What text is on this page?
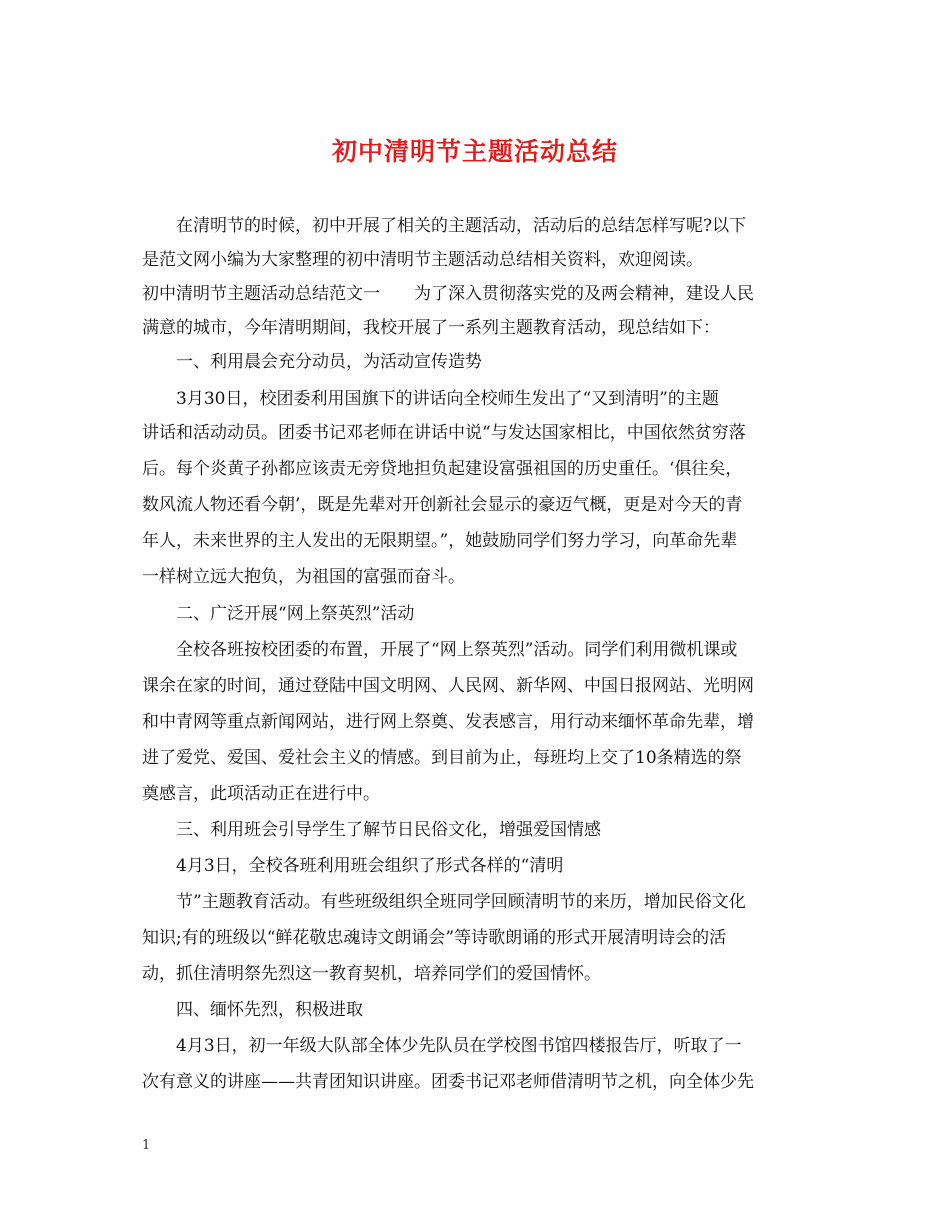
初中清明节主题活动总结
在清明节的时候，初中开展了相关的主题活动，活动后的总结怎样写呢?以下
是范文网小编为大家整理的初中清明节主题活动总结相关资料，欢迎阅读。
初中清明节主题活动总结范文一　　为了深入贯彻落实党的及两会精神，建设人民
满意的城市，今年清明期间，我校开展了一系列主题教育活动，现总结如下：
一、利用晨会充分动员，为活动宣传造势
3月30日，校团委利用国旗下的讲话向全校师生发出了“又到清明”的主题
讲话和活动动员。团委书记邓老师在讲话中说“与发达国家相比，中国依然贫穷落
后。每个炎黄子孙都应该责无旁贷地担负起建设富强祖国的历史重任。‘俱往矣，
数风流人物还看今朝’，既是先辈对开创新社会显示的豪迈气概，更是对今天的青
年人，未来世界的主人发出的无限期望。”，她鼓励同学们努力学习，向革命先辈
一样树立远大抱负，为祖国的富强而奋斗。
二、广泛开展“网上祭英烈”活动
全校各班按校团委的布置，开展了“网上祭英烈”活动。同学们利用微机课或
课余在家的时间，通过登陆中国文明网、人民网、新华网、中国日报网站、光明网
和中青网等重点新闻网站，进行网上祭奠、发表感言，用行动来缅怀革命先辈，增
进了爱党、爱国、爱社会主义的情感。到目前为止，每班均上交了10条精选的祭
奠感言，此项活动正在进行中。
三、利用班会引导学生了解节日民俗文化，增强爱国情感
4月3日，全校各班利用班会组织了形式各样的“清明
节”主题教育活动。有些班级组织全班同学回顾清明节的来历，增加民俗文化
知识;有的班级以“鲜花敬忠魂诗文朗诵会”等诗歌朗诵的形式开展清明诗会的活
动，抓住清明祭先烈这一教育契机，培养同学们的爱国情怀。
四、缅怀先烈，积极进取
4月3日，初一年级大队部全体少先队员在学校图书馆四楼报告厅，听取了一
次有意义的讲座——共青团知识讲座。团委书记邓老师借清明节之机，向全体少先
1
